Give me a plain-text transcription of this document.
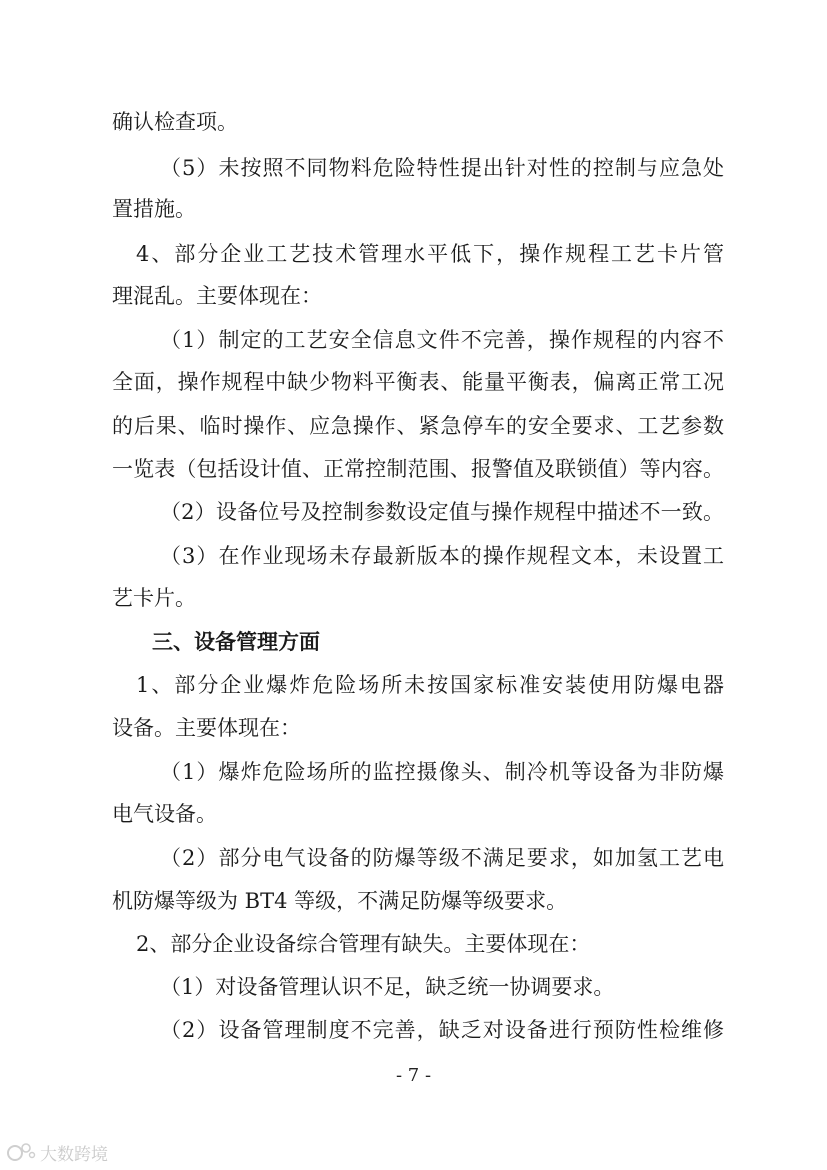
确认检查项。
（5）未按照不同物料危险特性提出针对性的控制与应急处
置措施。
4、部分企业工艺技术管理水平低下，操作规程工艺卡片管
理混乱。主要体现在：
（1）制定的工艺安全信息文件不完善，操作规程的内容不
全面，操作规程中缺少物料平衡表、能量平衡表，偏离正常工况
的后果、临时操作、应急操作、紧急停车的安全要求、工艺参数
一览表（包括设计值、正常控制范围、报警值及联锁值）等内容。
（2）设备位号及控制参数设定值与操作规程中描述不一致。
（3）在作业现场未存最新版本的操作规程文本，未设置工
艺卡片。
三、设备管理方面
1、部分企业爆炸危险场所未按国家标准安装使用防爆电器
设备。主要体现在：
（1）爆炸危险场所的监控摄像头、制冷机等设备为非防爆
电气设备。
（2）部分电气设备的防爆等级不满足要求，如加氢工艺电
机防爆等级为 BT4 等级，不满足防爆等级要求。
2、部分企业设备综合管理有缺失。主要体现在：
（1）对设备管理认识不足，缺乏统一协调要求。
（2）设备管理制度不完善，缺乏对设备进行预防性检维修
- 7 -
大数跨境
